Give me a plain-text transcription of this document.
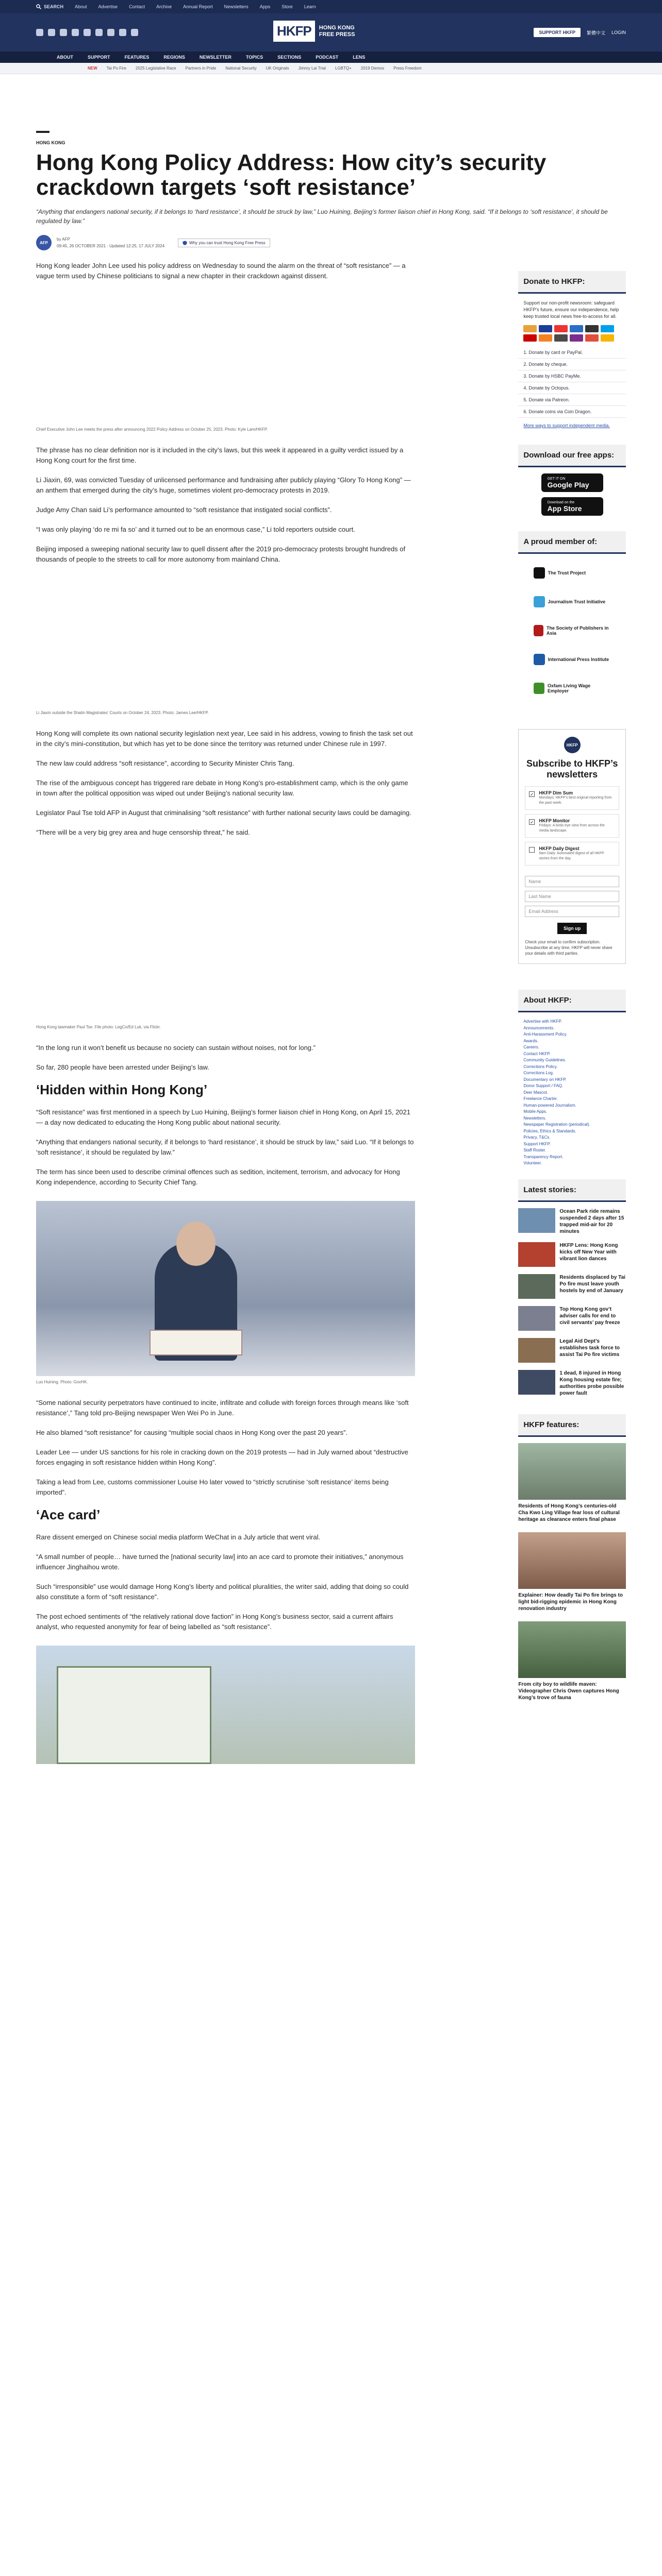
SEARCH About Advertise Contact Archive Annual Report Newsletters Apps Store Learn
HKFP	HONG KONG FREE PRESS	SUPPORT HKFP	繁體中文 LOGIN
ABOUT	SUPPORT	FEATURES	REGIONS	NEWSLETTER	TOPICS	SECTIONS	PODCAST	LENS
NEW Tai Po Fire 2025 Legislative Race Partners in Pride National Security UK Originals Jimmy Lai Trial LGBTQ+ 2019 Demos Press Freedom
HONG KONG
Hong Kong Policy Address: How city’s security crackdown targets ‘soft resistance’
“Anything that endangers national security, if it belongs to ‘hard resistance’, it should be struck by law,” Luo Huining, Beijing’s former liaison chief in Hong Kong, said. “If it belongs to ‘soft resistance’, it should be regulated by law.”
AFP
by AFP
09:45, 26 OCTOBER 2021 · Updated 12:25, 17 JULY 2024
Why you can trust Hong Kong Free Press

Hong Kong leader John Lee used his policy address on Wednesday to sound the alarm on the threat of “soft resistance” — a vague term used by Chinese politicians to signal a new chapter in their crackdown against dissent.

Chief Executive John Lee meets the press after announcing 2022 Policy Address on October 25, 2023. Photo: Kyle Lam/HKFP.

The phrase has no clear definition nor is it included in the city’s laws, but this week it appeared in a guilty verdict issued by a Hong Kong court for the first time.

Li Jiaxin, 69, was convicted Tuesday of unlicensed performance and fundraising after publicly playing “Glory To Hong Kong” — an anthem that emerged during the city’s huge, sometimes violent pro-democracy protests in 2019.

Judge Amy Chan said Li’s performance amounted to “soft resistance that instigated social conflicts”.

“I was only playing ‘do re mi fa so’ and it turned out to be an enormous case,” Li told reporters outside court.

Beijing imposed a sweeping national security law to quell dissent after the 2019 pro-democracy protests brought hundreds of thousands of people to the streets to call for more autonomy from mainland China.

Li Jiaxin outside the Shatin Magistrates’ Courts on October 24, 2023. Photo: James Lee/HKFP.

Hong Kong will complete its own national security legislation next year, Lee said in his address, vowing to finish the task set out in the city’s mini-constitution, but which has yet to be done since the territory was returned under Chinese rule in 1997.

The new law could address “soft resistance”, according to Security Minister Chris Tang.

The rise of the ambiguous concept has triggered rare debate in Hong Kong’s pro-establishment camp, which is the only game in town after the political opposition was wiped out under Beijing’s national security law.

Legislator Paul Tse told AFP in August that criminalising “soft resistance” with further national security laws could be damaging.

“There will be a very big grey area and huge censorship threat,” he said.

Hong Kong lawmaker Paul Tse. File photo: LegCo/Ed Luk, via Flickr.

“In the long run it won’t benefit us because no society can sustain without noises, not for long.”

So far, 280 people have been arrested under Beijing’s law.

‘Hidden within Hong Kong’

“Soft resistance” was first mentioned in a speech by Luo Huining, Beijing’s former liaison chief in Hong Kong, on April 15, 2021 — a day now dedicated to educating the Hong Kong public about national security.

“Anything that endangers national security, if it belongs to ‘hard resistance’, it should be struck by law,” said Luo. “If it belongs to ‘soft resistance’, it should be regulated by law.”

The term has since been used to describe criminal offences such as sedition, incitement, terrorism, and advocacy for Hong Kong independence, according to Security Chief Tang.

Luo Huining. Photo: GovHK.

“Some national security perpetrators have continued to incite, infiltrate and collude with foreign forces through means like ‘soft resistance’,” Tang told pro-Beijing newspaper Wen Wei Po in June.

He also blamed “soft resistance” for causing “multiple social chaos in Hong Kong over the past 20 years”.

Leader Lee — under US sanctions for his role in cracking down on the 2019 protests — had in July warned about “destructive forces engaging in soft resistance hidden within Hong Kong”.

Taking a lead from Lee, customs commissioner Louise Ho later vowed to “strictly scrutinise ‘soft resistance’ items being imported”.

‘Ace card’

Rare dissent emerged on Chinese social media platform WeChat in a July article that went viral.

“A small number of people… have turned the [national security law] into an ace card to promote their initiatives,” anonymous influencer Jinghaihou wrote.

Such “irresponsible” use would damage Hong Kong’s liberty and political pluralities, the writer said, adding that doing so could also constitute a form of “soft resistance”.

The post echoed sentiments of “the relatively rational dove faction” in Hong Kong’s business sector, said a current affairs analyst, who requested anonymity for fear of being labelled as “soft resistance”.

Donate to HKFP:
Support our non-profit newsroom: safeguard HKFP’s future, ensure our independence, help keep trusted local news free-to-access for all.
1. Donate by card or PayPal.
2. Donate by cheque.
3. Donate by HSBC PayMe.
4. Donate by Octopus.
5. Donate via Patreon.
6. Donate coins via Coin Dragon.
More ways to support independent media.
Download our free apps:
GET IT ON
Google Play
Download on the
App Store
A proud member of:
The Trust Project
Journalism Trust Initiative
The Society of Publishers in Asia
International Press Institute
Oxfam Living Wage Employer
HKFP
Subscribe to HKFP’s newsletters
✓ HKFP Dim Sum
Mondays: HKFP’s best original reporting from the past week.
✓ HKFP Monitor
Fridays: A birds-eye view from across the media landscape.
HKFP Daily Digest
9am Daily: Automated digest of all HKFP stories from the day.
Name
Last Name
Email Address
Sign up
Check your email to confirm subscription. Unsubscribe at any time. HKFP will never share your details with third parties.
About HKFP:
Advertise with HKFP.
Announcements.
Anti-Harassment Policy.
Awards.
Careers.
Contact HKFP.
Community Guidelines.
Corrections Policy.
Corrections Log.
Documentary on HKFP.
Donor Support / FAQ.
Deer Mascot.
Freelance Charter.
Human-powered Journalism.
Mobile Apps.
Newsletters.
Newspaper Registration (periodical).
Policies, Ethics & Standards.
Privacy, T&Cs.
Support HKFP.
Staff Roster.
Transparency Report.
Volunteer.
Latest stories:
Ocean Park ride remains suspended 2 days after 15 trapped mid-air for 20 minutes
HKFP Lens: Hong Kong kicks off New Year with vibrant lion dances
Residents displaced by Tai Po fire must leave youth hostels by end of January
Top Hong Kong gov’t adviser calls for end to civil servants’ pay freeze
Legal Aid Dept’s establishes task force to assist Tai Po fire victims
1 dead, 8 injured in Hong Kong housing estate fire; authorities probe possible power fault
HKFP features:
Residents of Hong Kong’s centuries-old Cha Kwo Ling Village fear loss of cultural heritage as clearance enters final phase
Explainer: How deadly Tai Po fire brings to light bid-rigging epidemic in Hong Kong renovation industry
From city boy to wildlife maven: Videographer Chris Owen captures Hong Kong’s trove of fauna
